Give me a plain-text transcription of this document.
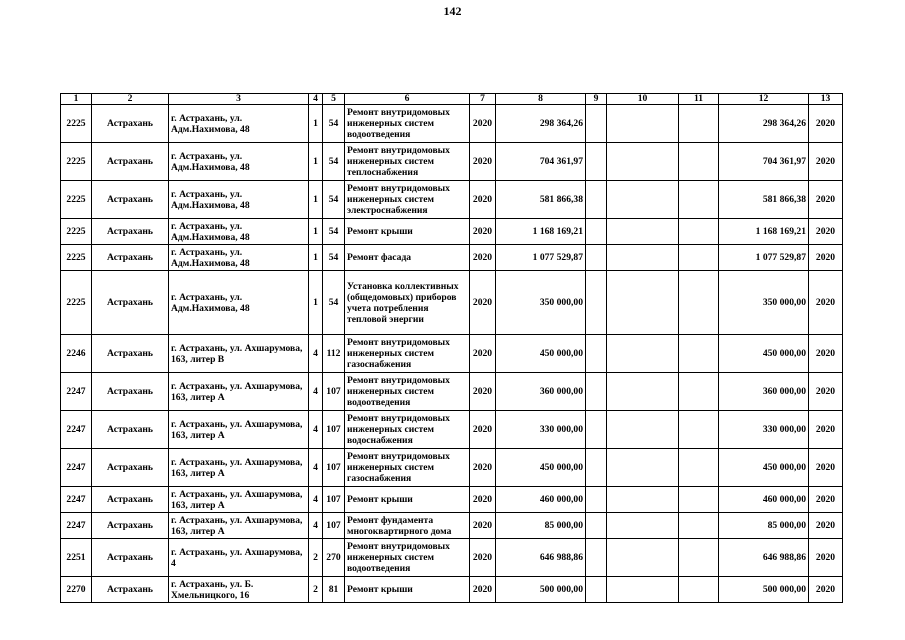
142
1	2	3	4	5	6	7	8	9	10	11	12	13
2225	Астрахань	г. Астрахань, ул. Адм.Нахимова, 48	1	54	Ремонт внутридомовых инженерных систем водоотведения	2020	298 364,26				298 364,26	2020
2225	Астрахань	г. Астрахань, ул. Адм.Нахимова, 48	1	54	Ремонт внутридомовых инженерных систем теплоснабжения	2020	704 361,97				704 361,97	2020
2225	Астрахань	г. Астрахань, ул. Адм.Нахимова, 48	1	54	Ремонт внутридомовых инженерных систем электроснабжения	2020	581 866,38				581 866,38	2020
2225	Астрахань	г. Астрахань, ул. Адм.Нахимова, 48	1	54	Ремонт крыши	2020	1 168 169,21				1 168 169,21	2020
2225	Астрахань	г. Астрахань, ул. Адм.Нахимова, 48	1	54	Ремонт фасада	2020	1 077 529,87				1 077 529,87	2020
2225	Астрахань	г. Астрахань, ул. Адм.Нахимова, 48	1	54	Установка коллективных (общедомовых) приборов учета потребления тепловой энергии	2020	350 000,00				350 000,00	2020
2246	Астрахань	г. Астрахань, ул. Ахшарумова, 163, литер В	4	112	Ремонт внутридомовых инженерных систем газоснабжения	2020	450 000,00				450 000,00	2020
2247	Астрахань	г. Астрахань, ул. Ахшарумова, 163, литер А	4	107	Ремонт внутридомовых инженерных систем водоотведения	2020	360 000,00				360 000,00	2020
2247	Астрахань	г. Астрахань, ул. Ахшарумова, 163, литер А	4	107	Ремонт внутридомовых инженерных систем водоснабжения	2020	330 000,00				330 000,00	2020
2247	Астрахань	г. Астрахань, ул. Ахшарумова, 163, литер А	4	107	Ремонт внутридомовых инженерных систем газоснабжения	2020	450 000,00				450 000,00	2020
2247	Астрахань	г. Астрахань, ул. Ахшарумова, 163, литер А	4	107	Ремонт крыши	2020	460 000,00				460 000,00	2020
2247	Астрахань	г. Астрахань, ул. Ахшарумова, 163, литер А	4	107	Ремонт фундамента многоквартирного дома	2020	85 000,00				85 000,00	2020
2251	Астрахань	г. Астрахань, ул. Ахшарумова, 4	2	270	Ремонт внутридомовых инженерных систем водоотведения	2020	646 988,86				646 988,86	2020
2270	Астрахань	г. Астрахань, ул. Б. Хмельницкого, 16	2	81	Ремонт крыши	2020	500 000,00				500 000,00	2020
